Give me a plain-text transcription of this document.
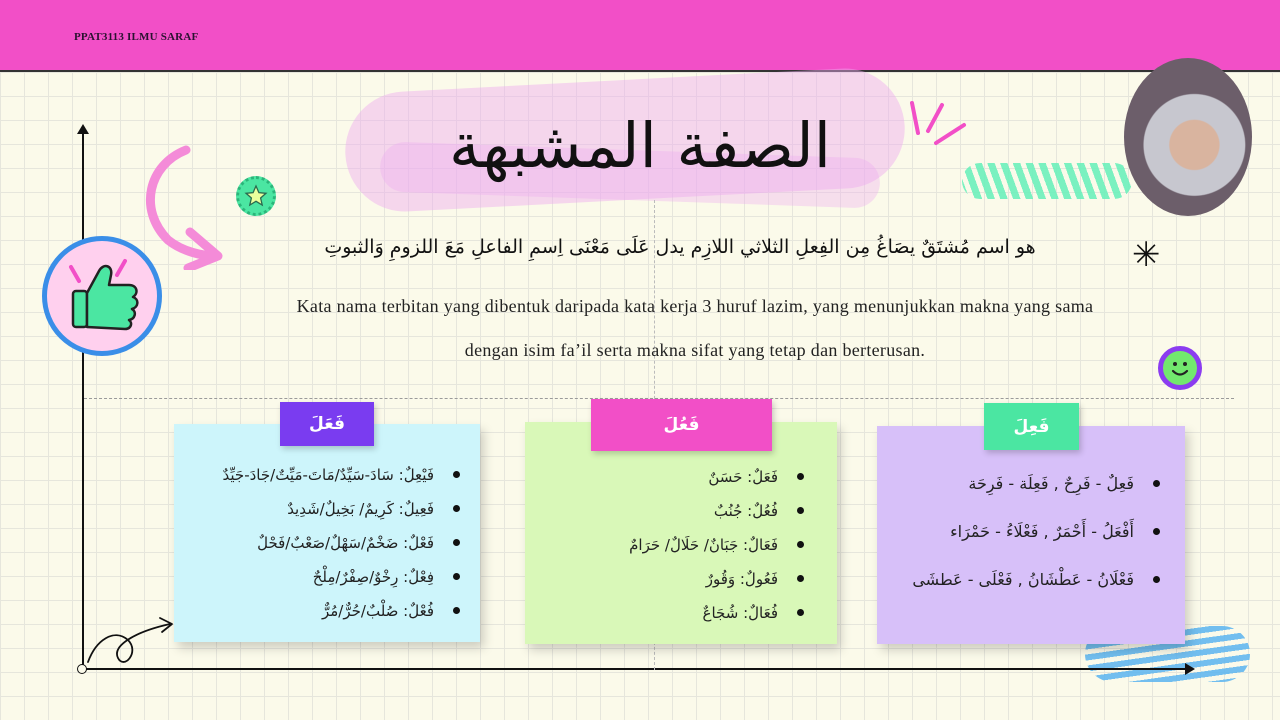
PPAT3113 ILMU SARAF
الصفة المشبهة
هو اسم مُشتَقٌ يصَاغُ مِن الفِعلِ الثلاثي اللازِم يدل عَلَى مَعْنَى اِسمِ الفاعلِ مَعَ اللزومِ وَالثبوتِ	✳
Kata nama terbitan yang dibentuk daripada kata kerja 3 huruf lazim, yang menunjukkan makna yang sama
dengan isim fa’il serta makna sifat yang tetap dan berterusan.
فَعَلَ
فَيْعِلٌ: سَادَ-سَيِّدٌ/مَاتَ-مَيِّتٌ/جَادَ-جَيِّدٌ
فَعِيلٌ: كَرِيمٌ/ بَخِيلٌ/شَدِيدٌ
فَعْلٌ: ضَخْمٌ/سَهْلٌ/صَعْبٌ/فَحْلٌ
فِعْلٌ: رِخْوٌ/صِفْرٌ/مِلْحٌ
فُعْلٌ: صُلْبٌ/حُرٌّ/مُرٌّ
فَعُلَ
فَعَلٌ: حَسَنٌ
فُعُلٌ: جُنُبٌ
فَعَالٌ: جَبَانٌ/ حَلَالٌ/ حَرَامٌ
فَعُولٌ: وَقُورٌ
فُعَالٌ: شُجَاعٌ
فَعِلَ
فَعِلٌ - فَرِحٌ , فَعِلَة - فَرِحَة
أَفْعَلُ - أَحْمَرٌ , فَعْلَاءُ - حَمْرَاء
فَعْلَانُ - عَطْشَانُ , فَعْلَى - عَطشَى
